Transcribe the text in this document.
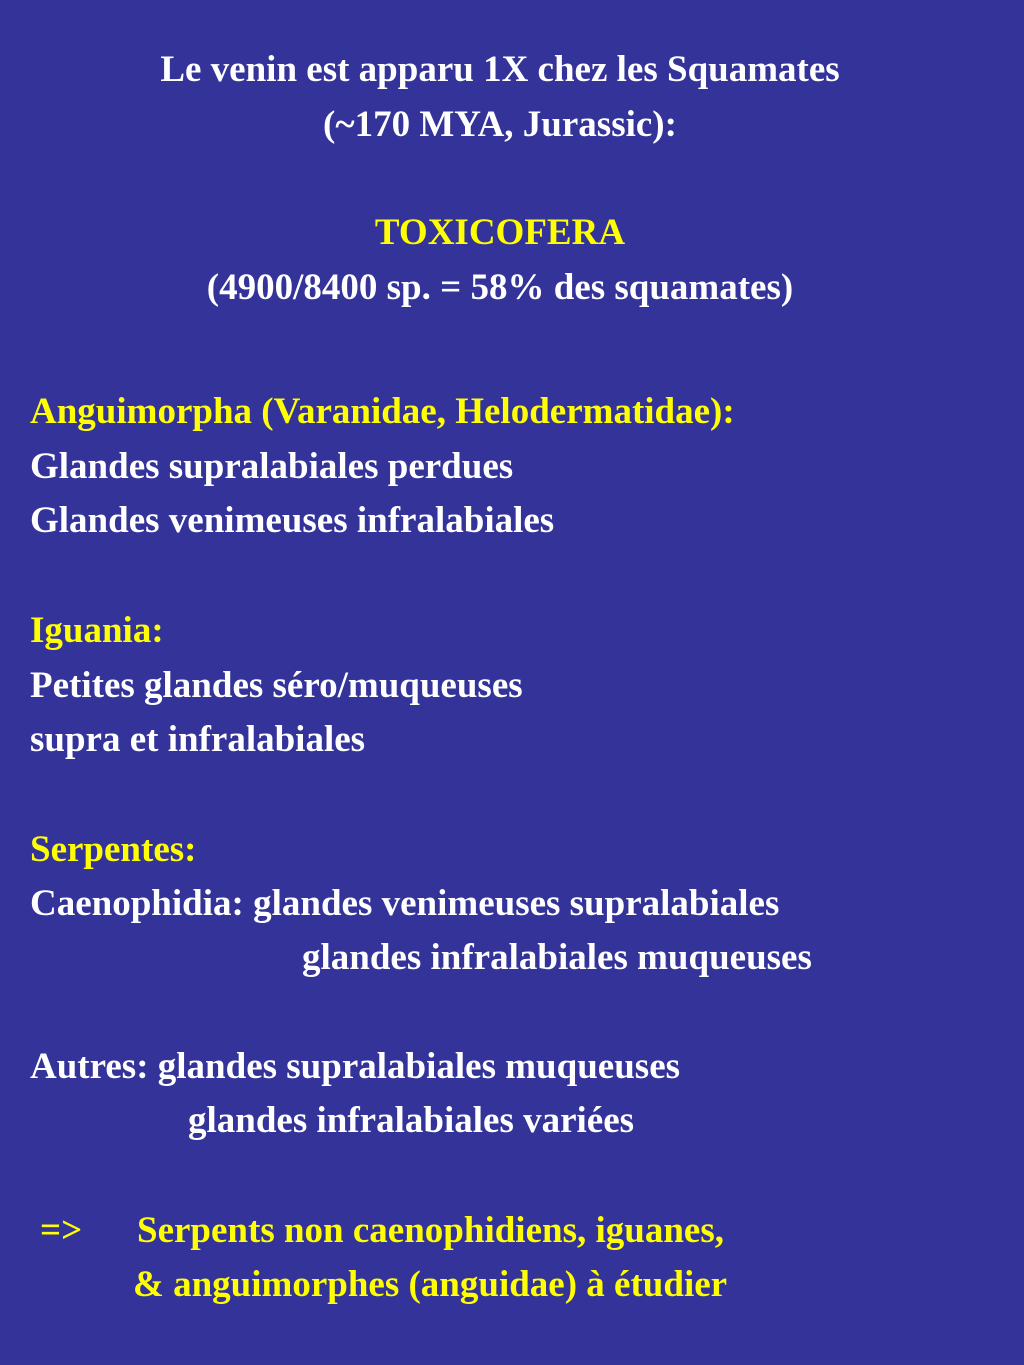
Le venin est apparu 1X chez les Squamates
(~170 MYA, Jurassic):
TOXICOFERA
(4900/8400 sp. = 58% des squamates)
Anguimorpha (Varanidae, Helodermatidae):
Glandes supralabiales perdues
Glandes venimeuses infralabiales
Iguania:
Petites glandes séro/muqueuses
supra et infralabiales
Serpentes:
Caenophidia: glandes venimeuses supralabiales
glandes infralabiales muqueuses
Autres: glandes supralabiales muqueuses
glandes infralabiales variées
=> Serpents non caenophidiens, iguanes,
& anguimorphes (anguidae) à étudier
